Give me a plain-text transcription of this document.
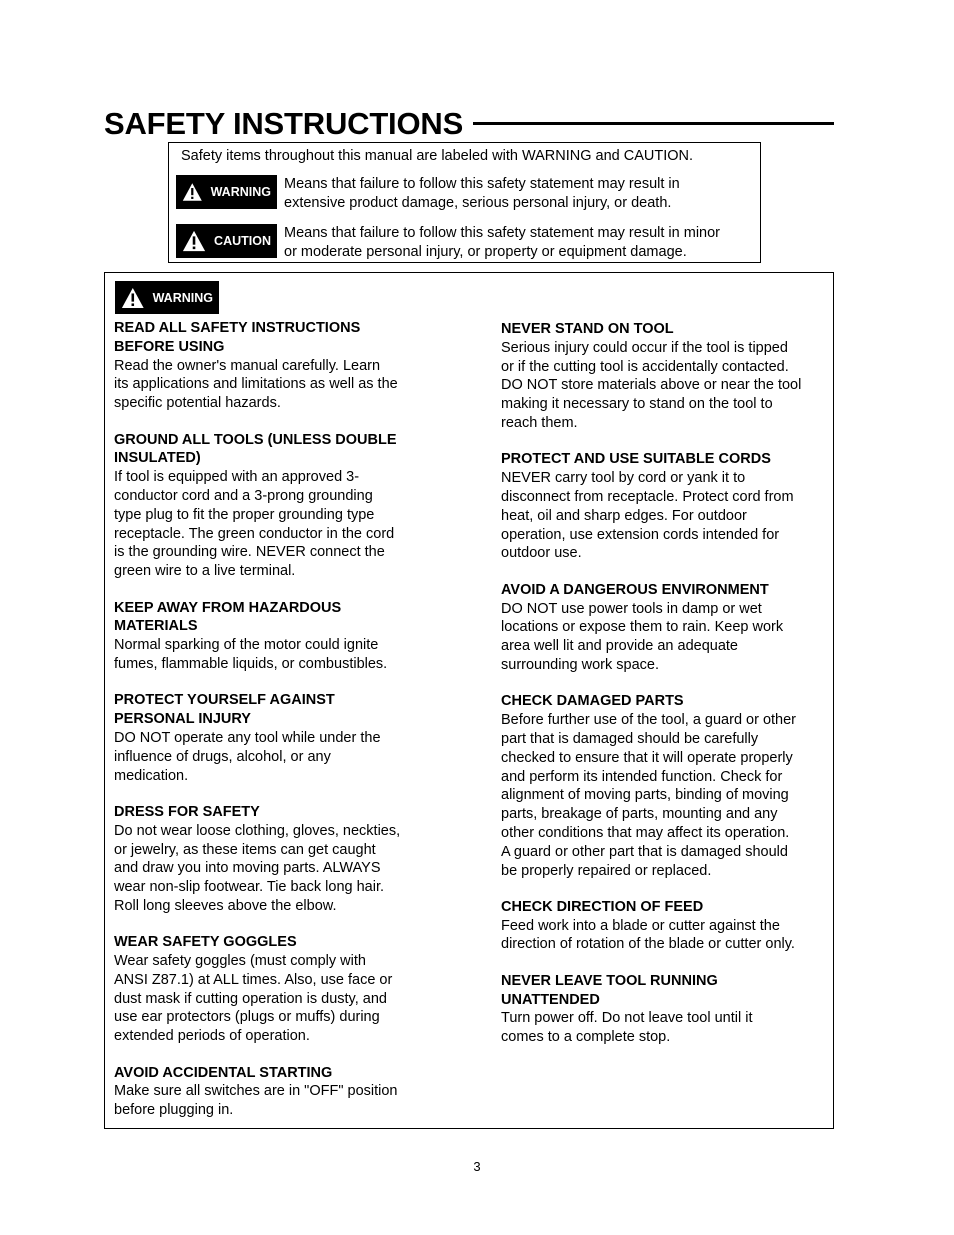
SAFETY INSTRUCTIONS
Safety items throughout this manual are labeled with WARNING and CAUTION.
WARNING Means that failure to follow this safety statement may result in
extensive product damage, serious personal injury, or death.
CAUTION Means that failure to follow this safety statement may result in minor
or moderate personal injury, or property or equipment damage.
WARNING
READ ALL SAFETY INSTRUCTIONS
BEFORE USING
Read the owner's manual carefully. Learn
its applications and limitations as well as the
specific potential hazards.
GROUND ALL TOOLS (UNLESS DOUBLE
INSULATED)
If tool is equipped with an approved 3-
conductor cord and a 3-prong grounding
type plug to fit the proper grounding type
receptacle. The green conductor in the cord
is the grounding wire. NEVER connect the
green wire to a live terminal.
KEEP AWAY FROM HAZARDOUS
MATERIALS
Normal sparking of the motor could ignite
fumes, flammable liquids, or combustibles.
PROTECT YOURSELF AGAINST
PERSONAL INJURY
DO NOT operate any tool while under the
influence of drugs, alcohol, or any
medication.
DRESS FOR SAFETY
Do not wear loose clothing, gloves, neckties,
or jewelry, as these items can get caught
and draw you into moving parts. ALWAYS
wear non-slip footwear. Tie back long hair.
Roll long sleeves above the elbow.
WEAR SAFETY GOGGLES
Wear safety goggles (must comply with
ANSI Z87.1) at ALL times. Also, use face or
dust mask if cutting operation is dusty, and
use ear protectors (plugs or muffs) during
extended periods of operation.
AVOID ACCIDENTAL STARTING
Make sure all switches are in "OFF" position
before plugging in.
NEVER STAND ON TOOL
Serious injury could occur if the tool is tipped
or if the cutting tool is accidentally contacted.
DO NOT store materials above or near the tool
making it necessary to stand on the tool to
reach them.
PROTECT AND USE SUITABLE CORDS
NEVER carry tool by cord or yank it to
disconnect from receptacle. Protect cord from
heat, oil and sharp edges. For outdoor
operation, use extension cords intended for
outdoor use.
AVOID A DANGEROUS ENVIRONMENT
DO NOT use power tools in damp or wet
locations or expose them to rain. Keep work
area well lit and provide an adequate
surrounding work space.
CHECK DAMAGED PARTS
Before further use of the tool, a guard or other
part that is damaged should be carefully
checked to ensure that it will operate properly
and perform its intended function. Check for
alignment of moving parts, binding of moving
parts, breakage of parts, mounting and any
other conditions that may affect its operation.
A guard or other part that is damaged should
be properly repaired or replaced.
CHECK DIRECTION OF FEED
Feed work into a blade or cutter against the
direction of rotation of the blade or cutter only.
NEVER LEAVE TOOL RUNNING
UNATTENDED
Turn power off. Do not leave tool until it
comes to a complete stop.
3
